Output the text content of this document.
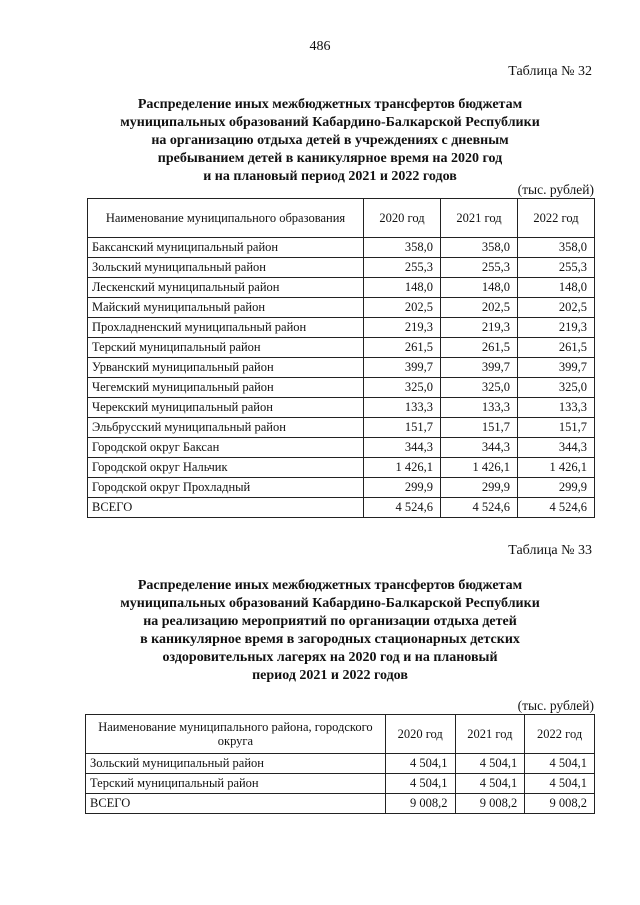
486
Таблица № 32
Распределение иных межбюджетных трансфертов бюджетам
муниципальных образований Кабардино-Балкарской Республики
на организацию отдыха детей в учреждениях с дневным
пребыванием детей в каникулярное время на 2020 год
и на плановый период 2021 и 2022 годов
(тыс. рублей)
Наименование муниципального образования	2020 год	2021 год	2022 год
Баксанский муниципальный район	358,0	358,0	358,0
Зольский муниципальный район	255,3	255,3	255,3
Лескенский муниципальный район	148,0	148,0	148,0
Майский муниципальный район	202,5	202,5	202,5
Прохладненский муниципальный район	219,3	219,3	219,3
Терский муниципальный район	261,5	261,5	261,5
Урванский муниципальный район	399,7	399,7	399,7
Чегемский муниципальный район	325,0	325,0	325,0
Черекский муниципальный район	133,3	133,3	133,3
Эльбрусский муниципальный район	151,7	151,7	151,7
Городской округ Баксан	344,3	344,3	344,3
Городской округ Нальчик	1 426,1	1 426,1	1 426,1
Городской округ Прохладный	299,9	299,9	299,9
ВСЕГО	4 524,6	4 524,6	4 524,6
Таблица № 33
Распределение иных межбюджетных трансфертов бюджетам
муниципальных образований Кабардино-Балкарской Республики
на реализацию мероприятий по организации отдыха детей
в каникулярное время в загородных стационарных детских
оздоровительных лагерях на 2020 год и на плановый
период 2021 и 2022 годов
(тыс. рублей)
Наименование муниципального района, городского округа	2020 год	2021 год	2022 год
Зольский муниципальный район	4 504,1	4 504,1	4 504,1
Терский муниципальный район	4 504,1	4 504,1	4 504,1
ВСЕГО	9 008,2	9 008,2	9 008,2
